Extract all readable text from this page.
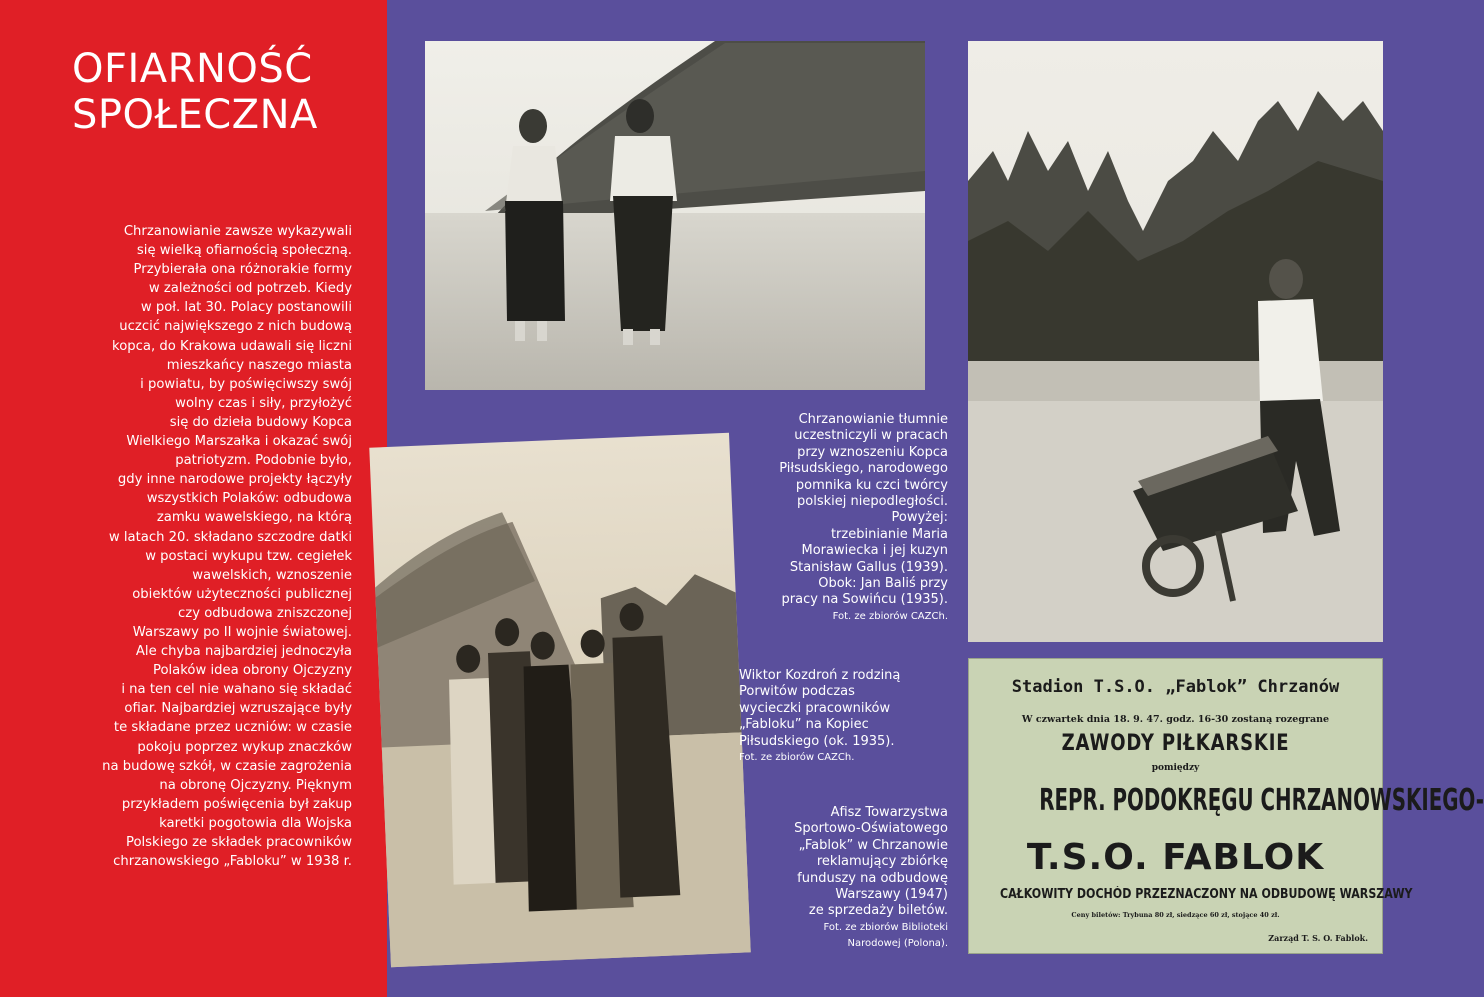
OFIARNOŚĆ
SPOŁECZNA
Chrzanowianie zawsze wykazywali
się wielką ofiarnością społeczną.
Przybierała ona różnorakie formy
w zależności od potrzeb. Kiedy
w poł. lat 30. Polacy postanowili
uczcić największego z nich budową
kopca, do Krakowa udawali się liczni
mieszkańcy naszego miasta
i powiatu, by poświęciwszy swój
wolny czas i siły, przyłożyć
się do dzieła budowy Kopca
Wielkiego Marszałka i okazać swój
patriotyzm. Podobnie było,
gdy inne narodowe projekty łączyły
wszystkich Polaków: odbudowa
zamku wawelskiego, na którą
w latach 20. składano szczodre datki
w postaci wykupu tzw. cegiełek
wawelskich, wznoszenie
obiektów użyteczności publicznej
czy odbudowa zniszczonej
Warszawy po II wojnie światowej.
Ale chyba najbardziej jednoczyła
Polaków idea obrony Ojczyzny
i na ten cel nie wahano się składać
ofiar. Najbardziej wzruszające były
te składane przez uczniów: w czasie
pokoju poprzez wykup znaczków
na budowę szkół, w czasie zagrożenia
na obronę Ojczyzny. Pięknym
przykładem poświęcenia był zakup
karetki pogotowia dla Wojska
Polskiego ze składek pracowników
chrzanowskiego „Fabloku” w 1938 r.
Chrzanowianie tłumnie
uczestniczyli w pracach
przy wznoszeniu Kopca
Piłsudskiego, narodowego
pomnika ku czci twórcy
polskiej niepodległości.
Powyżej:
trzebinianie Maria
Morawiecka i jej kuzyn
Stanisław Gallus (1939).
Obok: Jan Baliś przy
pracy na Sowińcu (1935).
Fot. ze zbiorów CAZCh.
Wiktor Kozdroń z rodziną
Porwitów podczas
wycieczki pracowników
„Fabloku” na Kopiec
Piłsudskiego (ok. 1935).
Fot. ze zbiorów CAZCh.
Afisz Towarzystwa
Sportowo-Oświatowego
„Fablok” w Chrzanowie
reklamujący zbiórkę
funduszy na odbudowę
Warszawy (1947)
ze sprzedaży biletów.
Fot. ze zbiorów Biblioteki
Narodowej (Polona).
Stadion T.S.O. „Fablok” Chrzanów
W czwartek dnia 18. 9. 47. godz. 16-30 zostaną rozegrane
ZAWODY PIŁKARSKIE
pomiędzy
REPR. PODOKRĘGU CHRZANOWSKIEGO-
T.S.O. FABLOK
CAŁKOWITY DOCHÓD PRZEZNACZONY NA ODBUDOWĘ WARSZAWY
Ceny biletów: Trybuna 80 zł, siedzące 60 zł, stojące 40 zł.
Zarząd T. S. O. Fablok.
